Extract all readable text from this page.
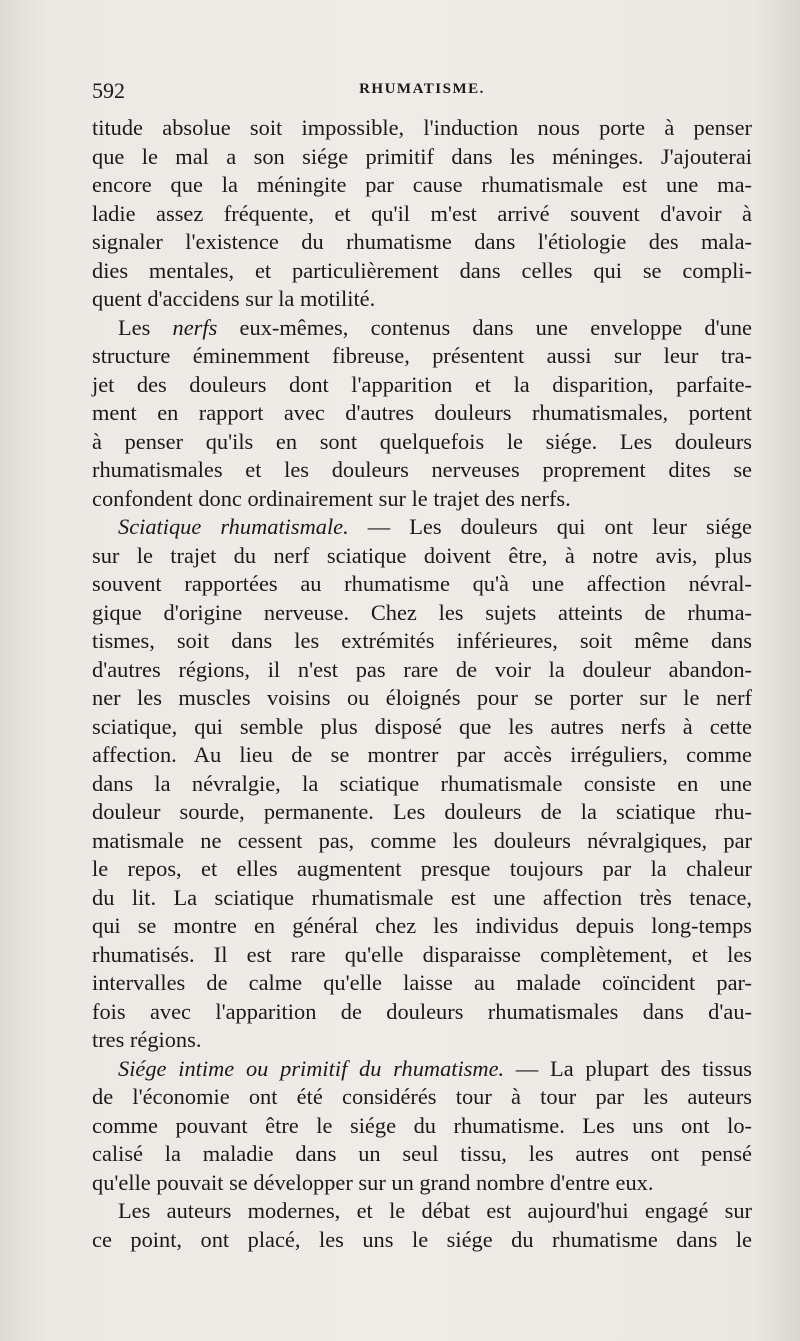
592	RHUMATISME.
titude absolue soit impossible, l'induction nous porte à penser
que le mal a son siége primitif dans les méninges. J'ajouterai
encore que la méningite par cause rhumatismale est une ma-
ladie assez fréquente, et qu'il m'est arrivé souvent d'avoir à
signaler l'existence du rhumatisme dans l'étiologie des mala-
dies mentales, et particulièrement dans celles qui se compli-
quent d'accidens sur la motilité.
Les nerfs eux-mêmes, contenus dans une enveloppe d'une
structure éminemment fibreuse, présentent aussi sur leur tra-
jet des douleurs dont l'apparition et la disparition, parfaite-
ment en rapport avec d'autres douleurs rhumatismales, portent
à penser qu'ils en sont quelquefois le siége. Les douleurs
rhumatismales et les douleurs nerveuses proprement dites se
confondent donc ordinairement sur le trajet des nerfs.
Sciatique rhumatismale. — Les douleurs qui ont leur siége
sur le trajet du nerf sciatique doivent être, à notre avis, plus
souvent rapportées au rhumatisme qu'à une affection névral-
gique d'origine nerveuse. Chez les sujets atteints de rhuma-
tismes, soit dans les extrémités inférieures, soit même dans
d'autres régions, il n'est pas rare de voir la douleur abandon-
ner les muscles voisins ou éloignés pour se porter sur le nerf
sciatique, qui semble plus disposé que les autres nerfs à cette
affection. Au lieu de se montrer par accès irréguliers, comme
dans la névralgie, la sciatique rhumatismale consiste en une
douleur sourde, permanente. Les douleurs de la sciatique rhu-
matismale ne cessent pas, comme les douleurs névralgiques, par
le repos, et elles augmentent presque toujours par la chaleur
du lit. La sciatique rhumatismale est une affection très tenace,
qui se montre en général chez les individus depuis long-temps
rhumatisés. Il est rare qu'elle disparaisse complètement, et les
intervalles de calme qu'elle laisse au malade coïncident par-
fois avec l'apparition de douleurs rhumatismales dans d'au-
tres régions.
Siége intime ou primitif du rhumatisme. — La plupart des tissus
de l'économie ont été considérés tour à tour par les auteurs
comme pouvant être le siége du rhumatisme. Les uns ont lo-
calisé la maladie dans un seul tissu, les autres ont pensé
qu'elle pouvait se développer sur un grand nombre d'entre eux.
Les auteurs modernes, et le débat est aujourd'hui engagé sur
ce point, ont placé, les uns le siége du rhumatisme dans le
